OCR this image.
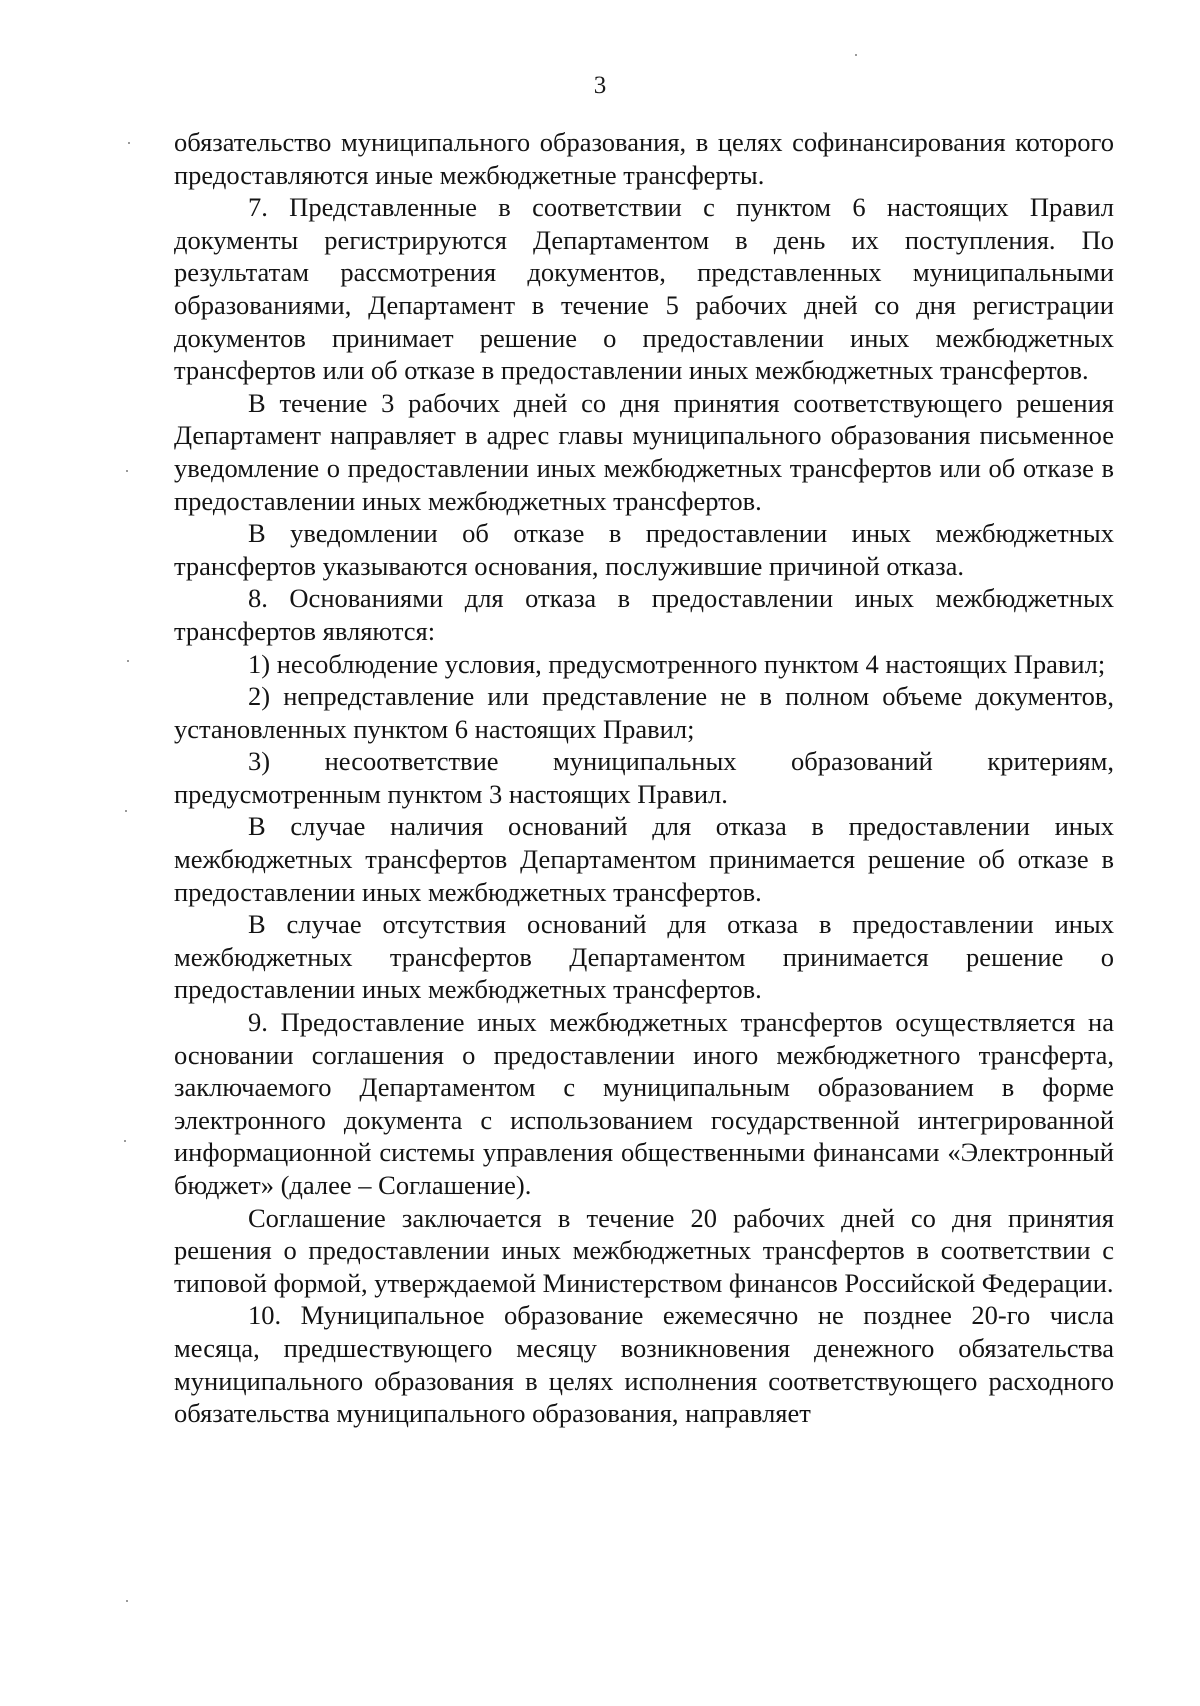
3

обязательство муниципального образования, в целях софинансирования которого предоставляются иные межбюджетные трансферты.

7. Представленные в соответствии с пунктом 6 настоящих Правил документы регистрируются Департаментом в день их поступления. По результатам рассмотрения документов, представленных муниципальными образованиями, Департамент в течение 5 рабочих дней со дня регистрации документов принимает решение о предоставлении иных межбюджетных трансфертов или об отказе в предоставлении иных межбюджетных трансфертов.

В течение 3 рабочих дней со дня принятия соответствующего решения Департамент направляет в адрес главы муниципального образования письменное уведомление о предоставлении иных межбюджетных трансфертов или об отказе в предоставлении иных межбюджетных трансфертов.

В уведомлении об отказе в предоставлении иных межбюджетных трансфертов указываются основания, послужившие причиной отказа.

8. Основаниями для отказа в предоставлении иных межбюджетных трансфертов являются:

1) несоблюдение условия, предусмотренного пунктом 4 настоящих Правил;

2) непредставление или представление не в полном объеме документов, установленных пунктом 6 настоящих Правил;

3) несоответствие муниципальных образований критериям, предусмотренным пунктом 3 настоящих Правил.

В случае наличия оснований для отказа в предоставлении иных межбюджетных трансфертов Департаментом принимается решение об отказе в предоставлении иных межбюджетных трансфертов.

В случае отсутствия оснований для отказа в предоставлении иных межбюджетных трансфертов Департаментом принимается решение о предоставлении иных межбюджетных трансфертов.

9. Предоставление иных межбюджетных трансфертов осуществляется на основании соглашения о предоставлении иного межбюджетного трансферта, заключаемого Департаментом с муниципальным образованием в форме электронного документа с использованием государственной интегрированной информационной системы управления общественными финансами «Электронный бюджет» (далее – Соглашение).

Соглашение заключается в течение 20 рабочих дней со дня принятия решения о предоставлении иных межбюджетных трансфертов в соответствии с типовой формой, утверждаемой Министерством финансов Российской Федерации.

10. Муниципальное образование ежемесячно не позднее 20-го числа месяца, предшествующего месяцу возникновения денежного обязательства муниципального образования в целях исполнения соответствующего расходного обязательства муниципального образования, направляет
